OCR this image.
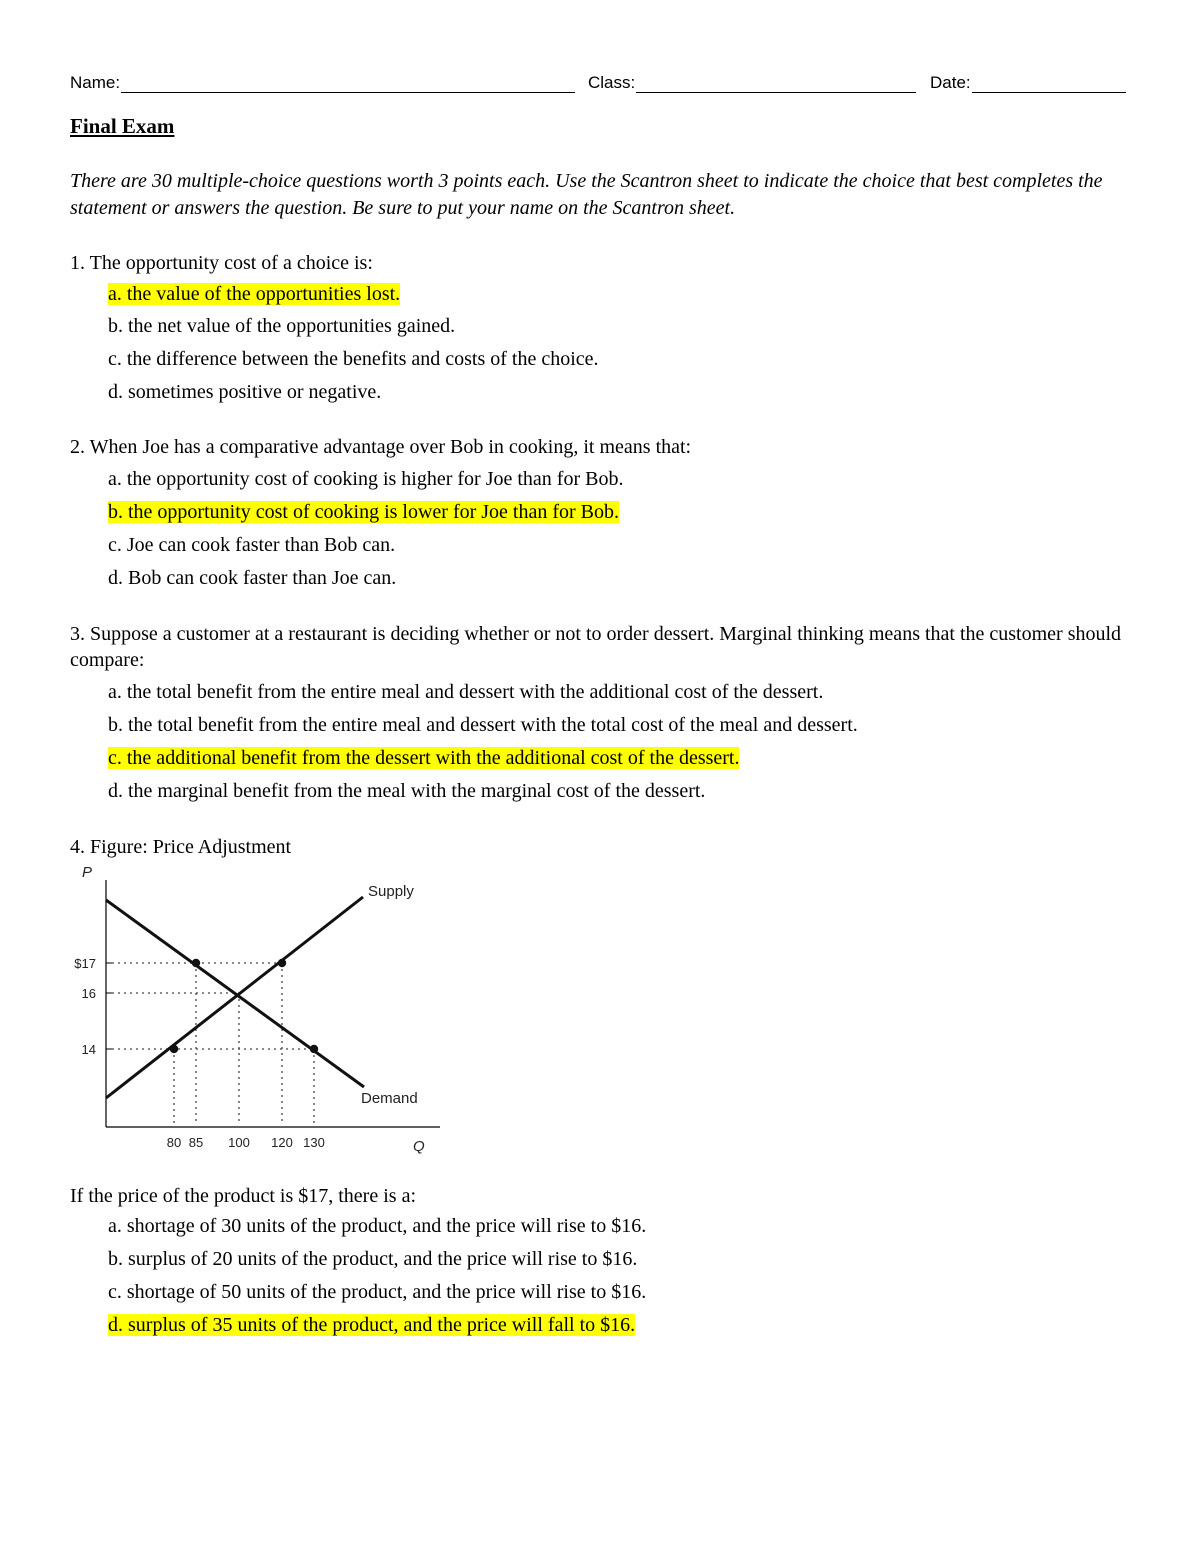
Name:	Class:	Date:
Final Exam

There are 30 multiple-choice questions worth 3 points each. Use the Scantron sheet to indicate the choice that best completes the statement or answers the question. Be sure to put your name on the Scantron sheet.

1. The opportunity cost of a choice is:

a. the value of the opportunities lost.

b. the net value of the opportunities gained.

c. the difference between the benefits and costs of the choice.

d. sometimes positive or negative.

2. When Joe has a comparative advantage over Bob in cooking, it means that:

a. the opportunity cost of cooking is higher for Joe than for Bob.

b. the opportunity cost of cooking is lower for Joe than for Bob.

c. Joe can cook faster than Bob can.

d. Bob can cook faster than Joe can.

3. Suppose a customer at a restaurant is deciding whether or not to order dessert. Marginal thinking means that the customer should compare:

a. the total benefit from the entire meal and dessert with the additional cost of the dessert.

b. the total benefit from the entire meal and dessert with the total cost of the meal and dessert.

c. the additional benefit from the dessert with the additional cost of the dessert.

d. the marginal benefit from the meal with the marginal cost of the dessert.

4. Figure: Price Adjustment

P
Q
$17
16
14
80 85 100 120 130
Supply
Demand

If the price of the product is $17, there is a:

a. shortage of 30 units of the product, and the price will rise to $16.

b. surplus of 20 units of the product, and the price will rise to $16.

c. shortage of 50 units of the product, and the price will rise to $16.

d. surplus of 35 units of the product, and the price will fall to $16.
